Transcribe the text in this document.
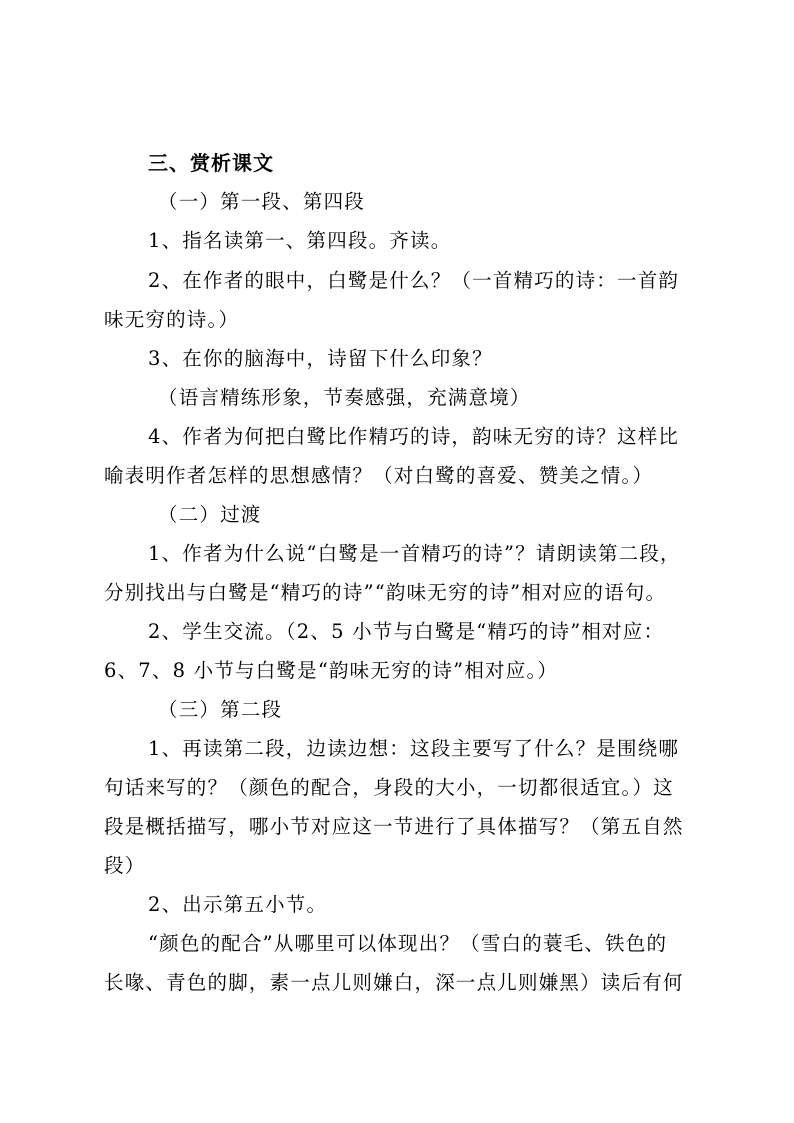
三、赏析课文
（一）第一段、第四段
1、指名读第一、第四段。齐读。
2、在作者的眼中，白鹭是什么？（一首精巧的诗：一首韵
味无穷的诗。）
3、在你的脑海中，诗留下什么印象？
（语言精练形象，节奏感强，充满意境）
4、作者为何把白鹭比作精巧的诗，韵味无穷的诗？这样比
喻表明作者怎样的思想感情？（对白鹭的喜爱、赞美之情。）
（二）过渡
1、作者为什么说“白鹭是一首精巧的诗”？请朗读第二段，
分别找出与白鹭是“精巧的诗”“韵味无穷的诗”相对应的语句。
2、学生交流。（2、5 小节与白鹭是“精巧的诗”相对应：
6、7、8 小节与白鹭是“韵味无穷的诗”相对应。）
（三）第二段
1、再读第二段，边读边想：这段主要写了什么？是围绕哪
句话来写的？（颜色的配合，身段的大小，一切都很适宜。）这
段是概括描写，哪小节对应这一节进行了具体描写？（第五自然
段）
2、出示第五小节。
“颜色的配合”从哪里可以体现出？（雪白的蓑毛、铁色的
长喙、青色的脚，素一点儿则嫌白，深一点儿则嫌黑）读后有何
